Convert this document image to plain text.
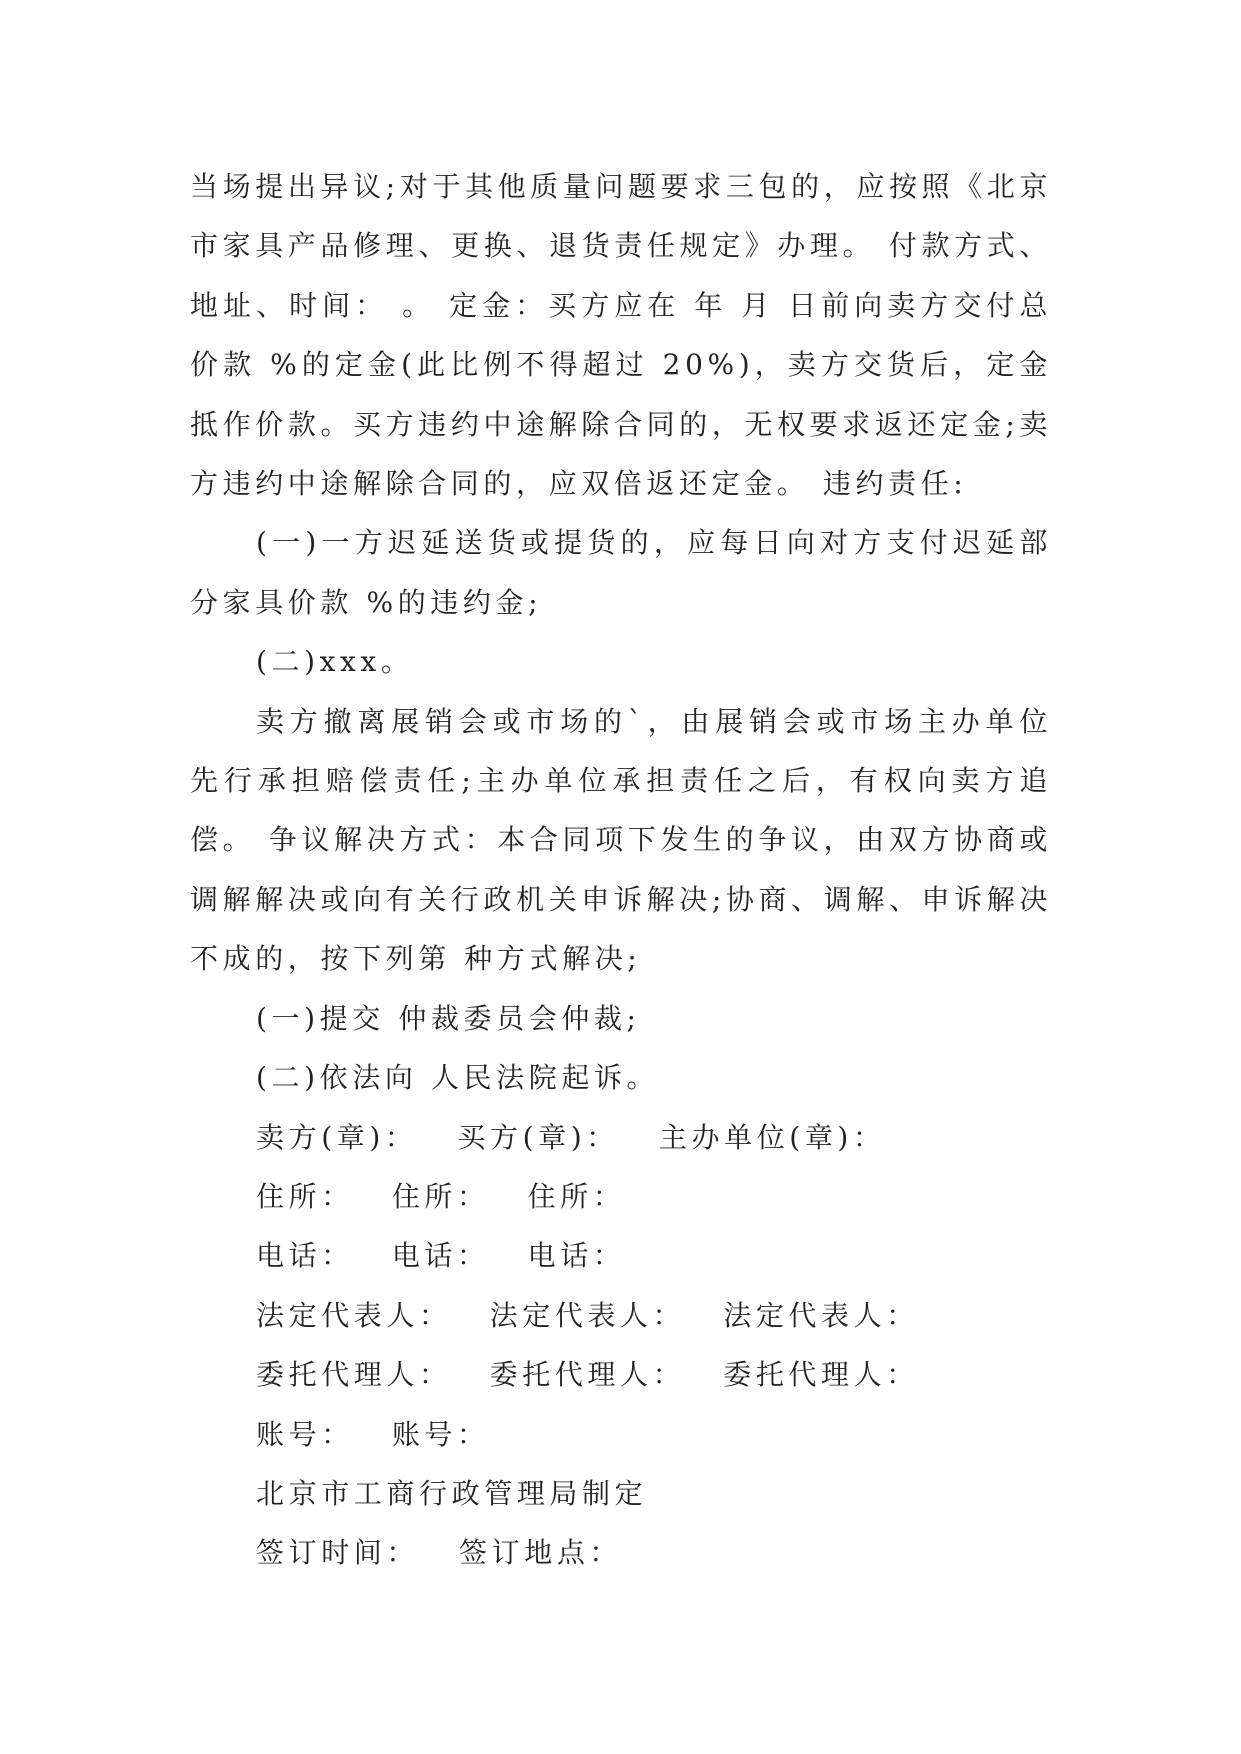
当场提出异议;对于其他质量问题要求三包的，应按照《北京市家具产品修理、更换、退货责任规定》办理。 付款方式、地址、时间： 。 定金：买方应在 年 月 日前向卖方交付总价款 %的定金(此比例不得超过 20%)，卖方交货后，定金抵作价款。买方违约中途解除合同的，无权要求返还定金;卖方违约中途解除合同的，应双倍返还定金。 违约责任:

(一)一方迟延送货或提货的，应每日向对方支付迟延部分家具价款 %的违约金;

(二)xxx。

卖方撤离展销会或市场的`，由展销会或市场主办单位先行承担赔偿责任;主办单位承担责任之后，有权向卖方追偿。 争议解决方式：本合同项下发生的争议，由双方协商或调解解决或向有关行政机关申诉解决;协商、调解、申诉解决不成的，按下列第 种方式解决;

(一)提交 仲裁委员会仲裁;

(二)依法向 人民法院起诉。

卖方(章)： 买方(章)： 主办单位(章)：

住所： 住所： 住所：

电话： 电话： 电话：

法定代表人： 法定代表人： 法定代表人：

委托代理人： 委托代理人： 委托代理人：

账号： 账号：

北京市工商行政管理局制定

签订时间： 签订地点：
